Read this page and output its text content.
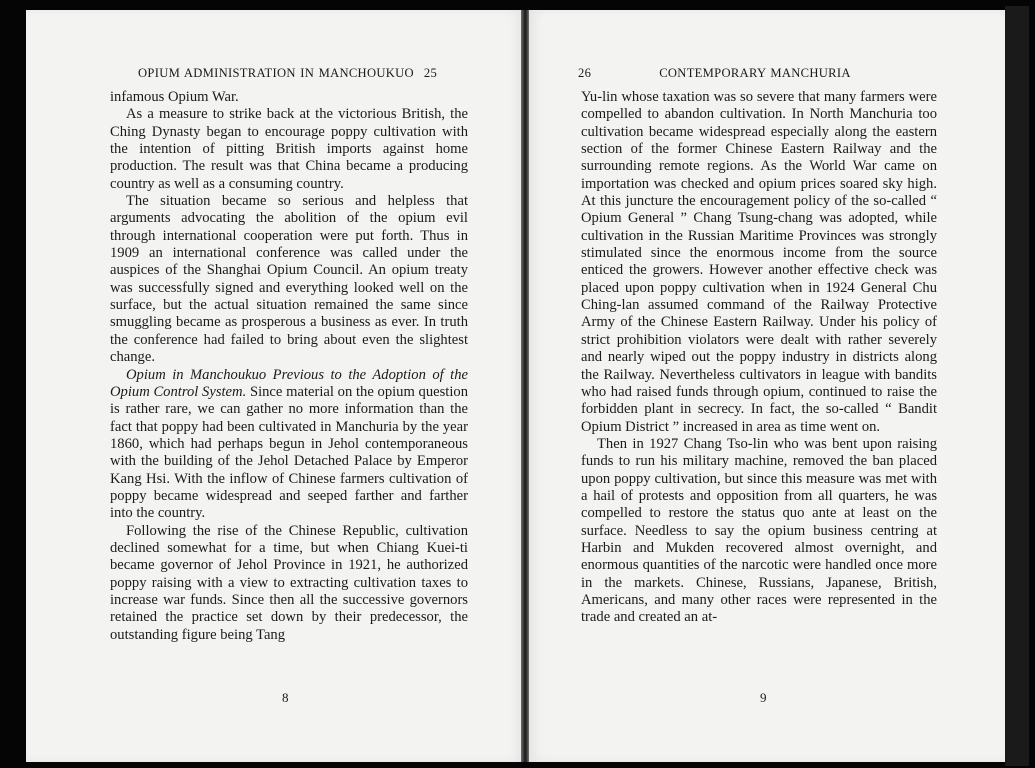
OPIUM ADMINISTRATION IN MANCHOUKUO 25

infamous Opium War.

As a measure to strike back at the victorious British, the Ching Dynasty began to encourage poppy cultivation with the intention of pitting British imports against home production. The result was that China became a producing country as well as a consuming country.

The situation became so serious and helpless that arguments advocating the abolition of the opium evil through international cooperation were put forth. Thus in 1909 an international conference was called under the auspices of the Shanghai Opium Council. An opium treaty was successfully signed and everything looked well on the surface, but the actual situation remained the same since smuggling became as prosperous a business as ever. In truth the conference had failed to bring about even the slightest change.

Opium in Manchoukuo Previous to the Adoption of the Opium Control System. Since material on the opium question is rather rare, we can gather no more information than the fact that poppy had been cultivated in Manchuria by the year 1860, which had perhaps begun in Jehol contemporaneous with the building of the Jehol Detached Palace by Emperor Kang Hsi. With the inflow of Chinese farmers cultivation of poppy became widespread and seeped farther and farther into the country.

Following the rise of the Chinese Republic, cultivation declined somewhat for a time, but when Chiang Kuei-ti became governor of Jehol Province in 1921, he authorized poppy raising with a view to extracting cultivation taxes to increase war funds. Since then all the successive governors retained the practice set down by their predecessor, the outstanding figure being Tang

8
26	CONTEMPORARY MANCHURIA

Yu-lin whose taxation was so severe that many farmers were compelled to abandon cultivation. In North Manchuria too cultivation became widespread especially along the eastern section of the former Chinese Eastern Railway and the surrounding remote regions. As the World War came on importation was checked and opium prices soared sky high. At this juncture the encouragement policy of the so-called “ Opium General ” Chang Tsung-chang was adopted, while cultivation in the Russian Maritime Provinces was strongly stimulated since the enormous income from the source enticed the growers. However another effective check was placed upon poppy cultivation when in 1924 General Chu Ching-lan assumed command of the Railway Protective Army of the Chinese Eastern Railway. Under his policy of strict prohibition violators were dealt with rather severely and nearly wiped out the poppy industry in districts along the Railway. Nevertheless cultivators in league with bandits who had raised funds through opium, continued to raise the forbidden plant in secrecy. In fact, the so-called “ Bandit Opium District ” increased in area as time went on.

Then in 1927 Chang Tso-lin who was bent upon raising funds to run his military machine, removed the ban placed upon poppy cultivation, but since this measure was met with a hail of protests and opposition from all quarters, he was compelled to restore the status quo ante at least on the surface. Needless to say the opium business centring at Harbin and Mukden recovered almost overnight, and enormous quantities of the narcotic were handled once more in the markets. Chinese, Russians, Japanese, British, Americans, and many other races were represented in the trade and created an at-

9
